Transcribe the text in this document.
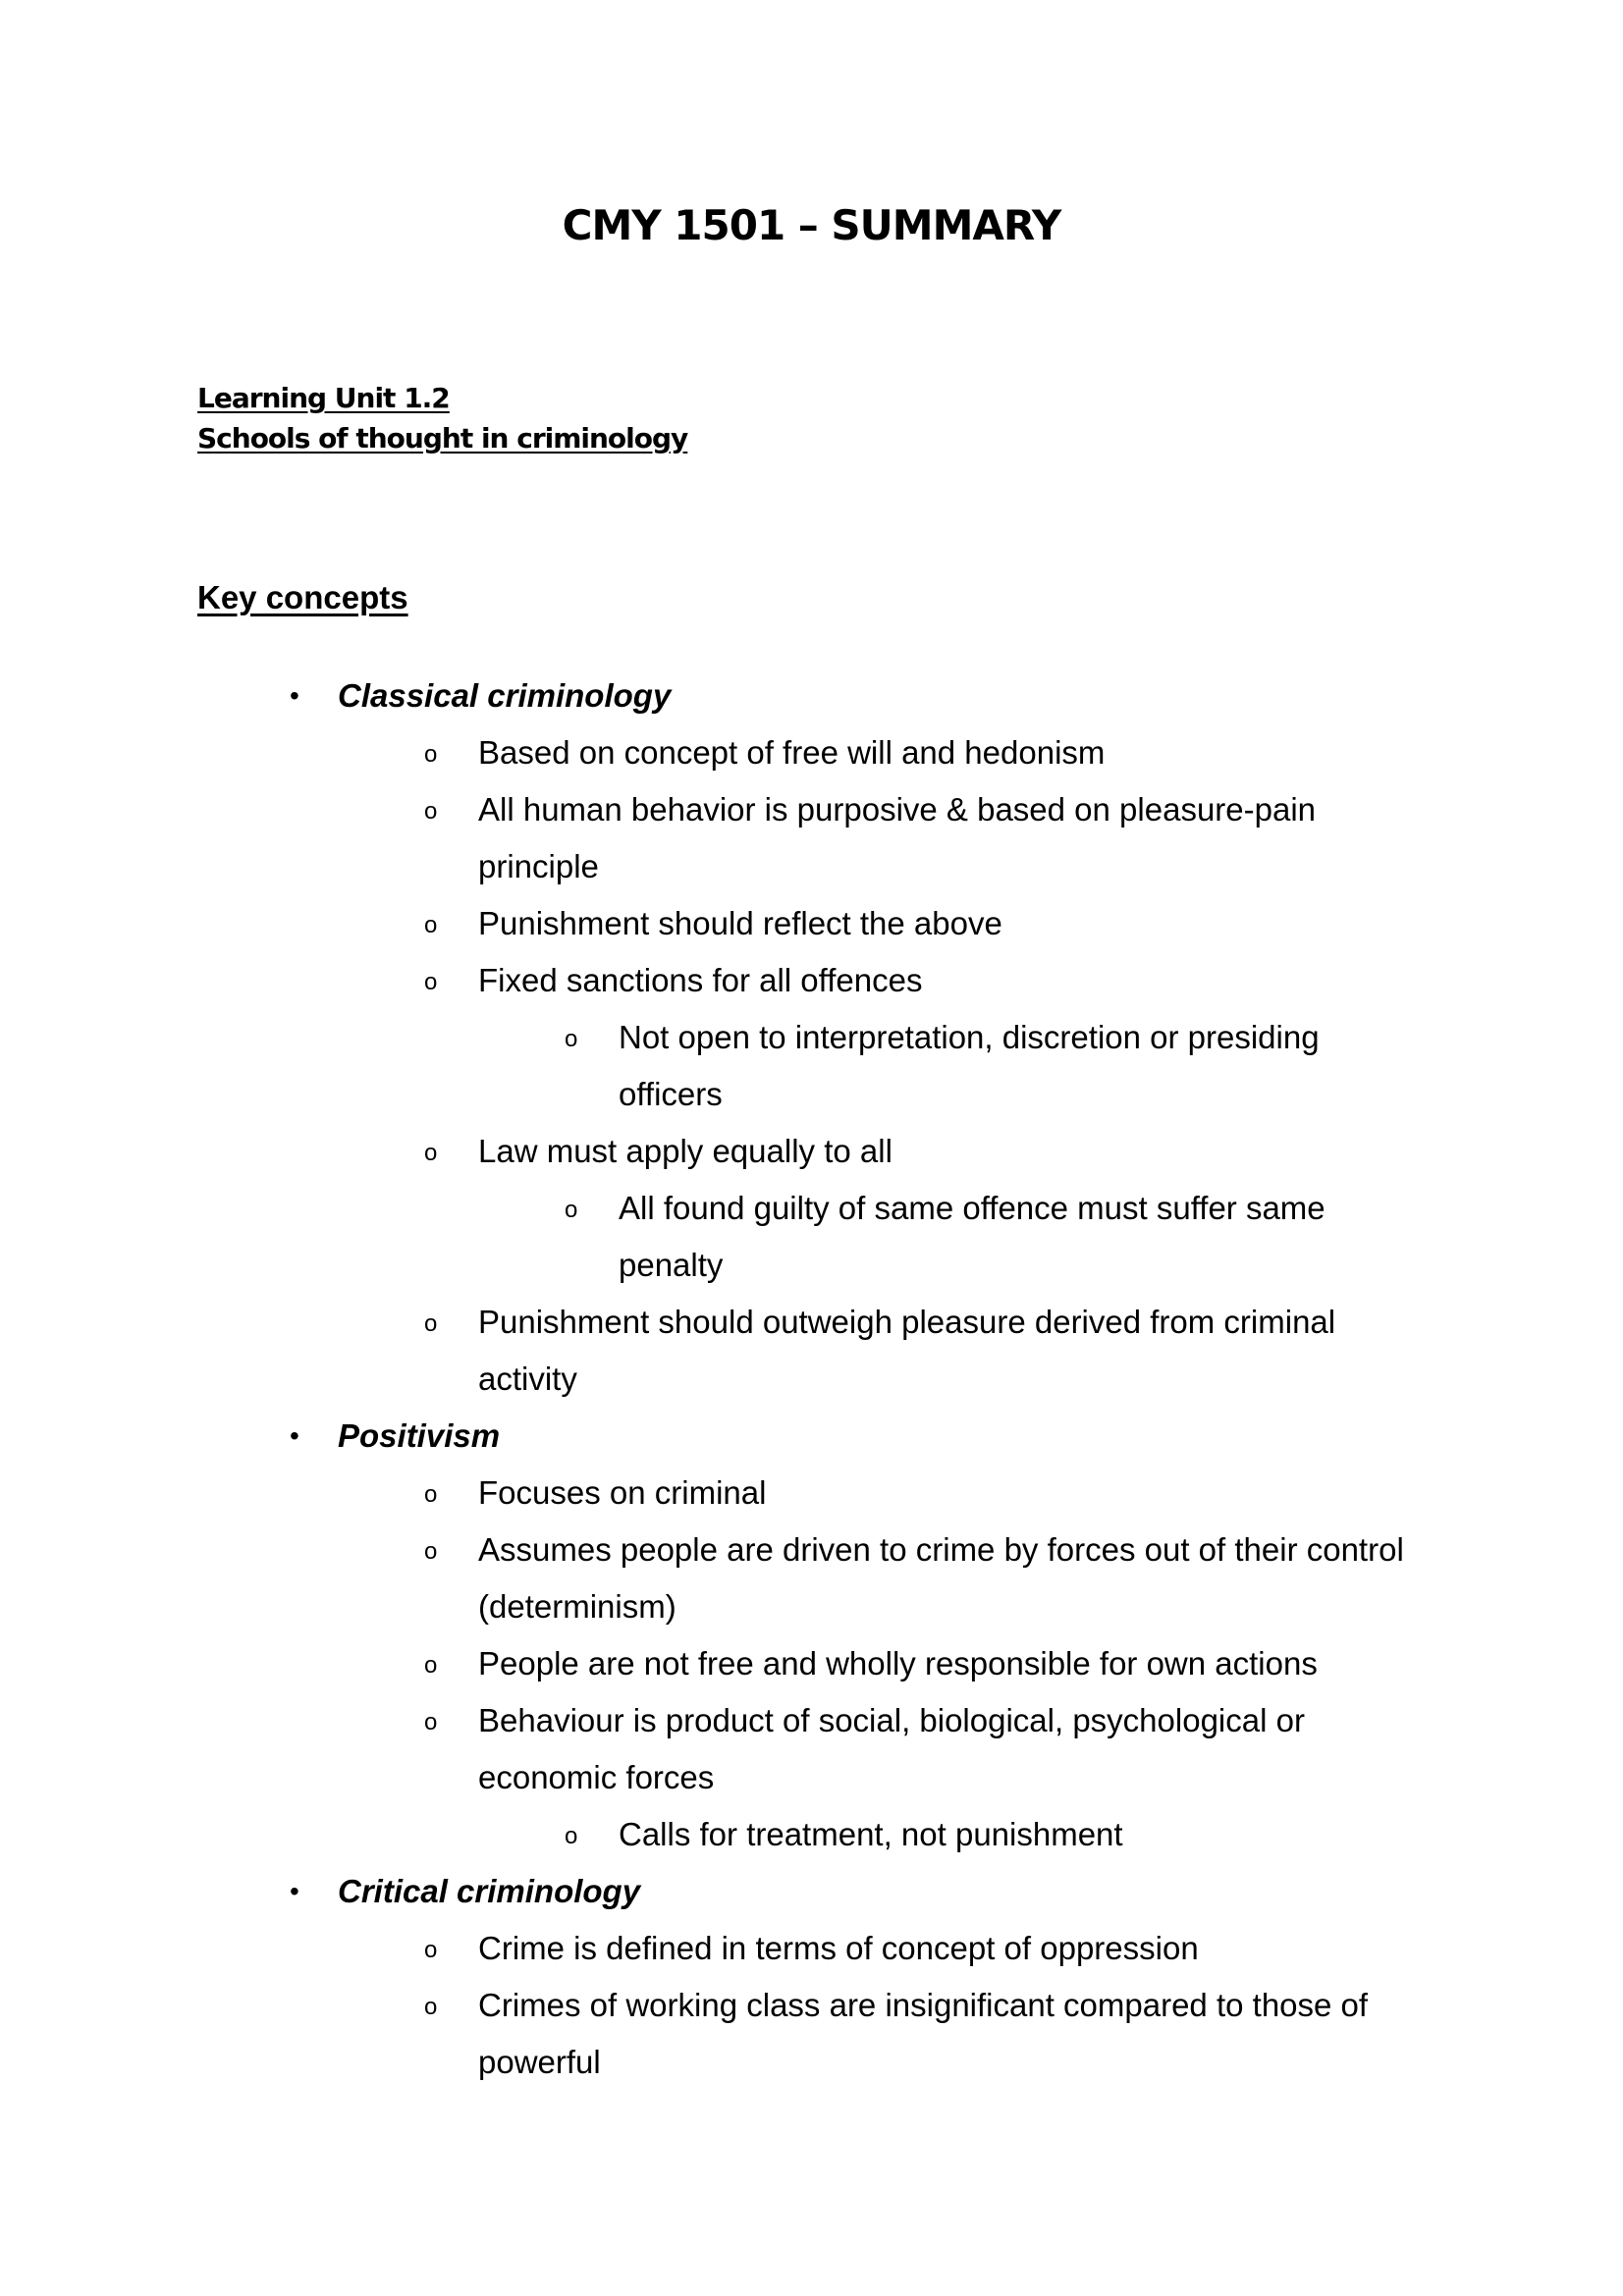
CMY 1501 – SUMMARY
Learning Unit 1.2
Schools of thought in criminology
Key concepts
• Classical criminology
o Based on concept of free will and hedonism
o All human behavior is purposive & based on pleasure-pain principle
o Punishment should reflect the above
o Fixed sanctions for all offences
o Not open to interpretation, discretion or presiding officers
o Law must apply equally to all
o All found guilty of same offence must suffer same penalty
o Punishment should outweigh pleasure derived from criminal activity
• Positivism
o Focuses on criminal
o Assumes people are driven to crime by forces out of their control (determinism)
o People are not free and wholly responsible for own actions
o Behaviour is product of social, biological, psychological or economic forces
o Calls for treatment, not punishment
• Critical criminology
o Crime is defined in terms of concept of oppression
o Crimes of working class are insignificant compared to those of powerful
